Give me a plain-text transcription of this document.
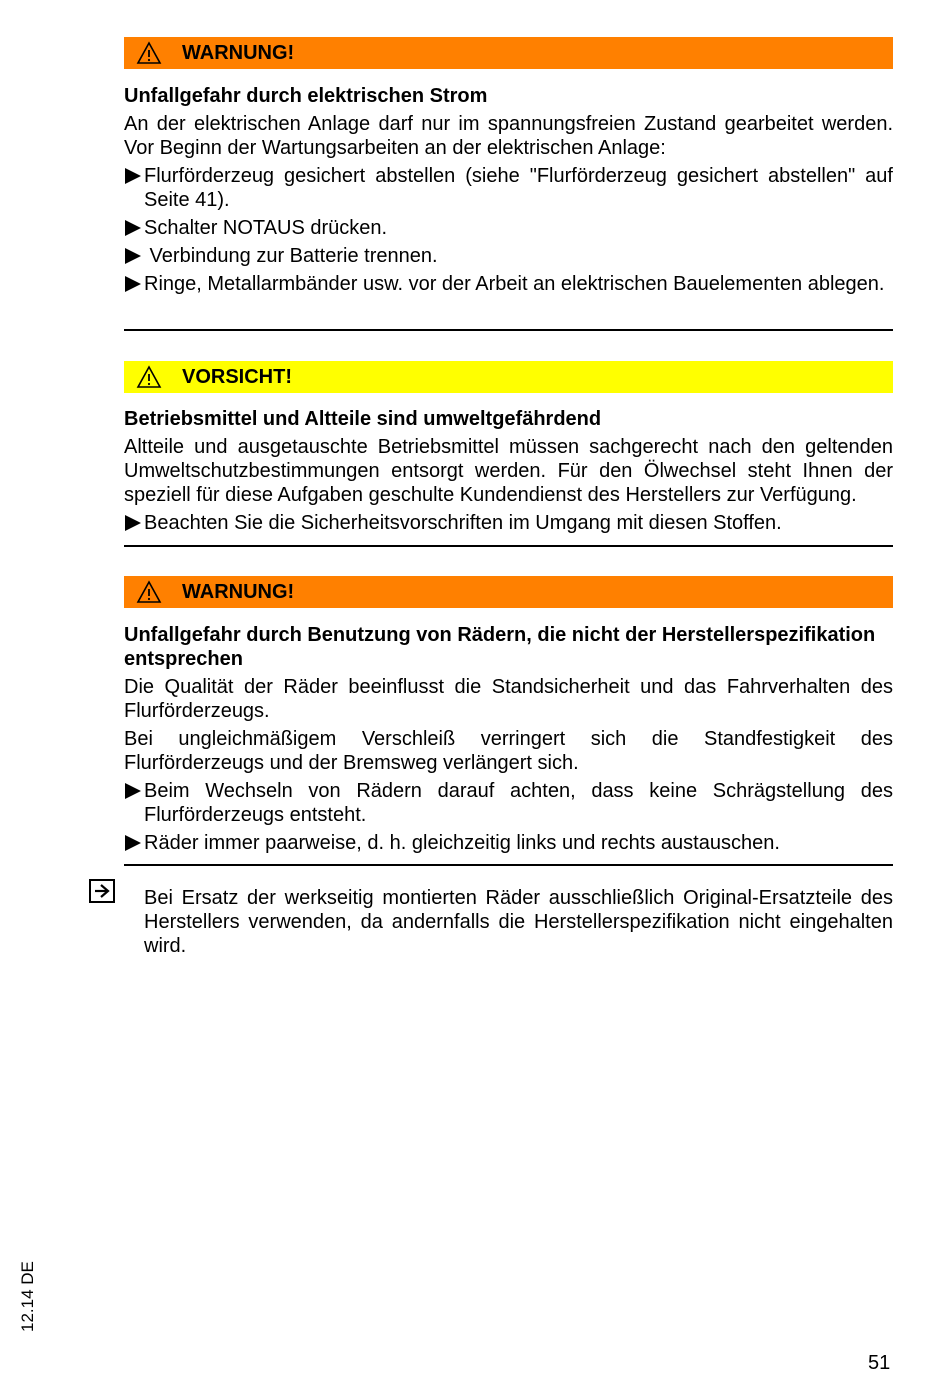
WARNUNG!

Unfallgefahr durch elektrischen Strom

An der elektrischen Anlage darf nur im spannungsfreien Zustand gearbeitet werden. Vor Beginn der Wartungsarbeiten an der elektrischen Anlage:

Flurförderzeug gesichert abstellen (siehe "Flurförderzeug gesichert abstellen" auf Seite 41).
Schalter NOTAUS drücken.
Verbindung zur Batterie trennen.
Ringe, Metallarmbänder usw. vor der Arbeit an elektrischen Bauelementen ablegen.
VORSICHT!

Betriebsmittel und Altteile sind umweltgefährdend

Altteile und ausgetauschte Betriebsmittel müssen sachgerecht nach den geltenden Umweltschutzbestimmungen entsorgt werden. Für den Ölwechsel steht Ihnen der speziell für diese Aufgaben geschulte Kundendienst des Herstellers zur Verfügung.

Beachten Sie die Sicherheitsvorschriften im Umgang mit diesen Stoffen.
WARNUNG!

Unfallgefahr durch Benutzung von Rädern, die nicht der Herstellerspezifikation entsprechen

Die Qualität der Räder beeinflusst die Standsicherheit und das Fahrverhalten des Flurförderzeugs.

Bei ungleichmäßigem Verschleiß verringert sich die Standfestigkeit des Flurförderzeugs und der Bremsweg verlängert sich.

Beim Wechseln von Rädern darauf achten, dass keine Schrägstellung des Flurförderzeugs entsteht.
Räder immer paarweise, d. h. gleichzeitig links und rechts austauschen.
Bei Ersatz der werkseitig montierten Räder ausschließlich Original-Ersatzteile des Herstellers verwenden, da andernfalls die Herstellerspezifikation nicht eingehalten wird.
12.14 DE
51
